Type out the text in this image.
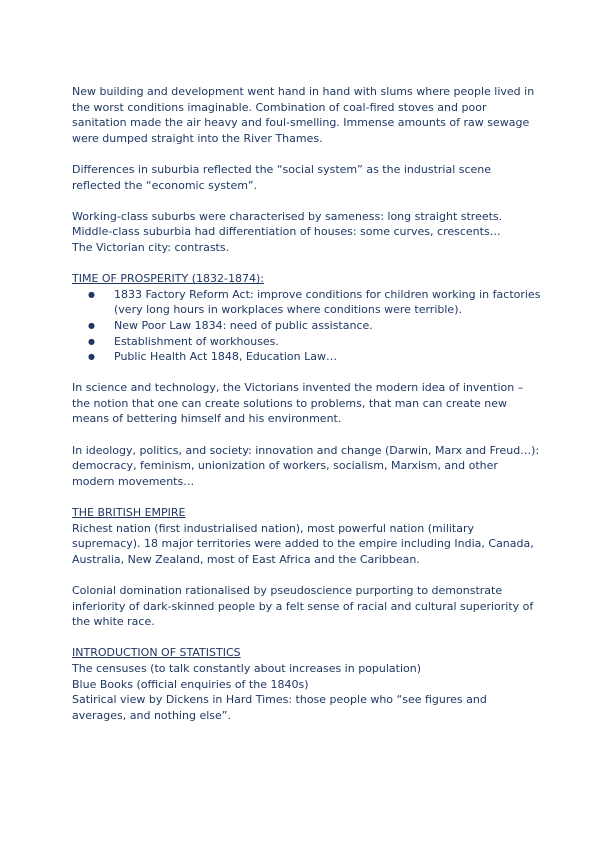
New building and development went hand in hand with slums where people lived in the worst conditions imaginable. Combination of coal-fired stoves and poor sanitation made the air heavy and foul-smelling. Immense amounts of raw sewage were dumped straight into the River Thames.

Differences in suburbia reflected the “social system” as the industrial scene reflected the “economic system”.

Working-class suburbs were characterised by sameness: long straight streets.

Middle-class suburbia had differentiation of houses: some curves, crescents…

The Victorian city: contrasts.

TIME OF PROSPERITY (1832-1874):

● 1833 Factory Reform Act: improve conditions for children working in factories (very long hours in workplaces where conditions were terrible).
● New Poor Law 1834: need of public assistance.
● Establishment of workhouses.
● Public Health Act 1848, Education Law…

In science and technology, the Victorians invented the modern idea of invention – the notion that one can create solutions to problems, that man can create new means of bettering himself and his environment.

In ideology, politics, and society: innovation and change (Darwin, Marx and Freud…): democracy, feminism, unionization of workers, socialism, Marxism, and other modern movements…

THE BRITISH EMPIRE

Richest nation (first industrialised nation), most powerful nation (military supremacy). 18 major territories were added to the empire including India, Canada, Australia, New Zealand, most of East Africa and the Caribbean.

Colonial domination rationalised by pseudoscience purporting to demonstrate inferiority of dark-skinned people by a felt sense of racial and cultural superiority of the white race.

INTRODUCTION OF STATISTICS

The censuses (to talk constantly about increases in population)

Blue Books (official enquiries of the 1840s)

Satirical view by Dickens in Hard Times: those people who “see figures and averages, and nothing else”.
